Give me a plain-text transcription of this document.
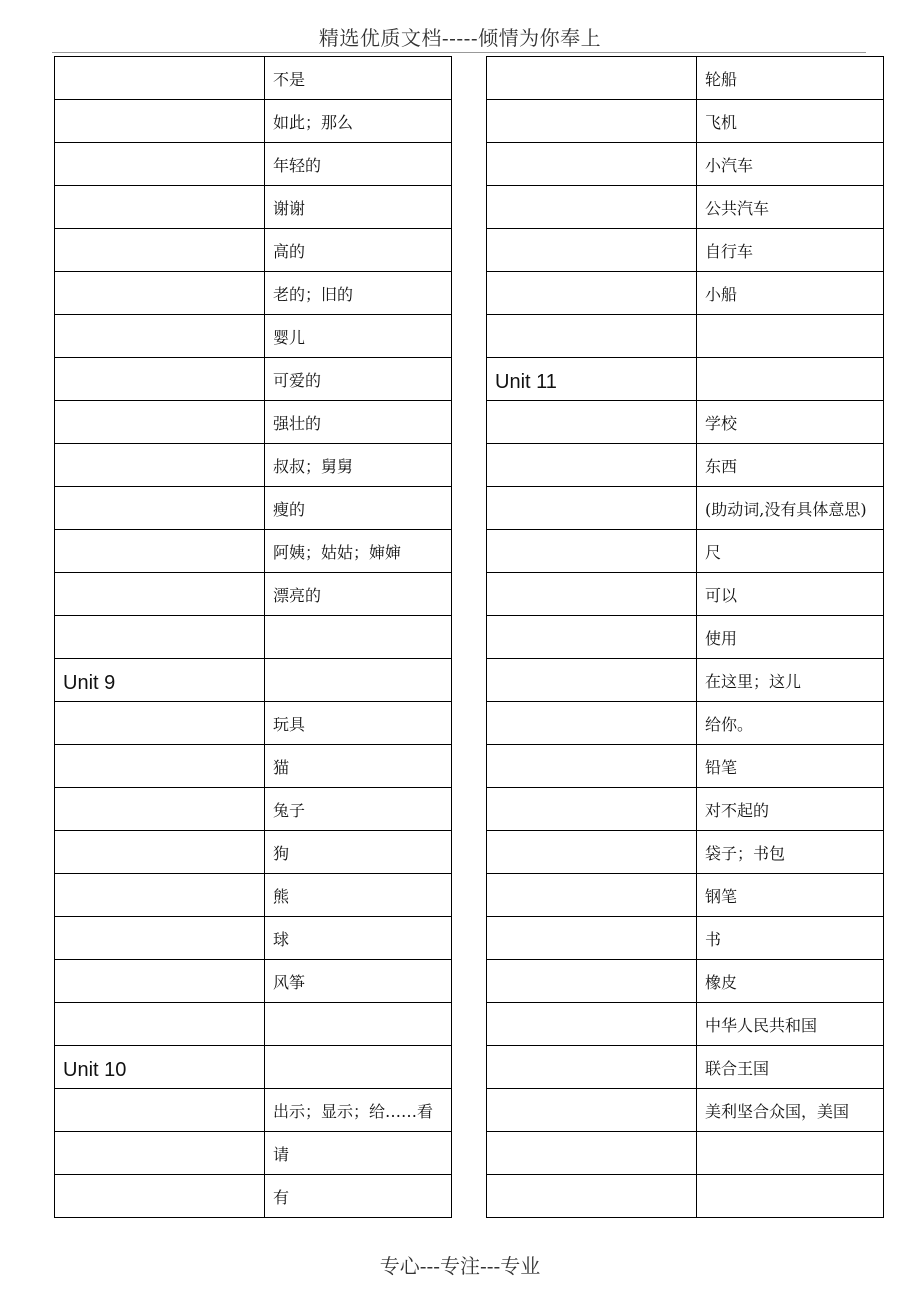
精选优质文档-----倾情为你奉上
	不是
	如此；那么
	年轻的
	谢谢
	高的
	老的；旧的
	婴儿
	可爱的
	强壮的
	叔叔；舅舅
	瘦的
	阿姨；姑姑；婶婶
	漂亮的

Unit 9	
	玩具
	猫
	兔子
	狗
	熊
	球
	风筝

Unit 10	
	出示；显示；给……看
	请
	有
	轮船
	飞机
	小汽车
	公共汽车
	自行车
	小船

Unit 11	
	学校
	东西
	(助动词,没有具体意思)
	尺
	可以
	使用
	在这里；这儿
	给你。
	铅笔
	对不起的
	袋子；书包
	钢笔
	书
	橡皮
	中华人民共和国
	联合王国
	美利坚合众国，美国

专心---专注---专业
